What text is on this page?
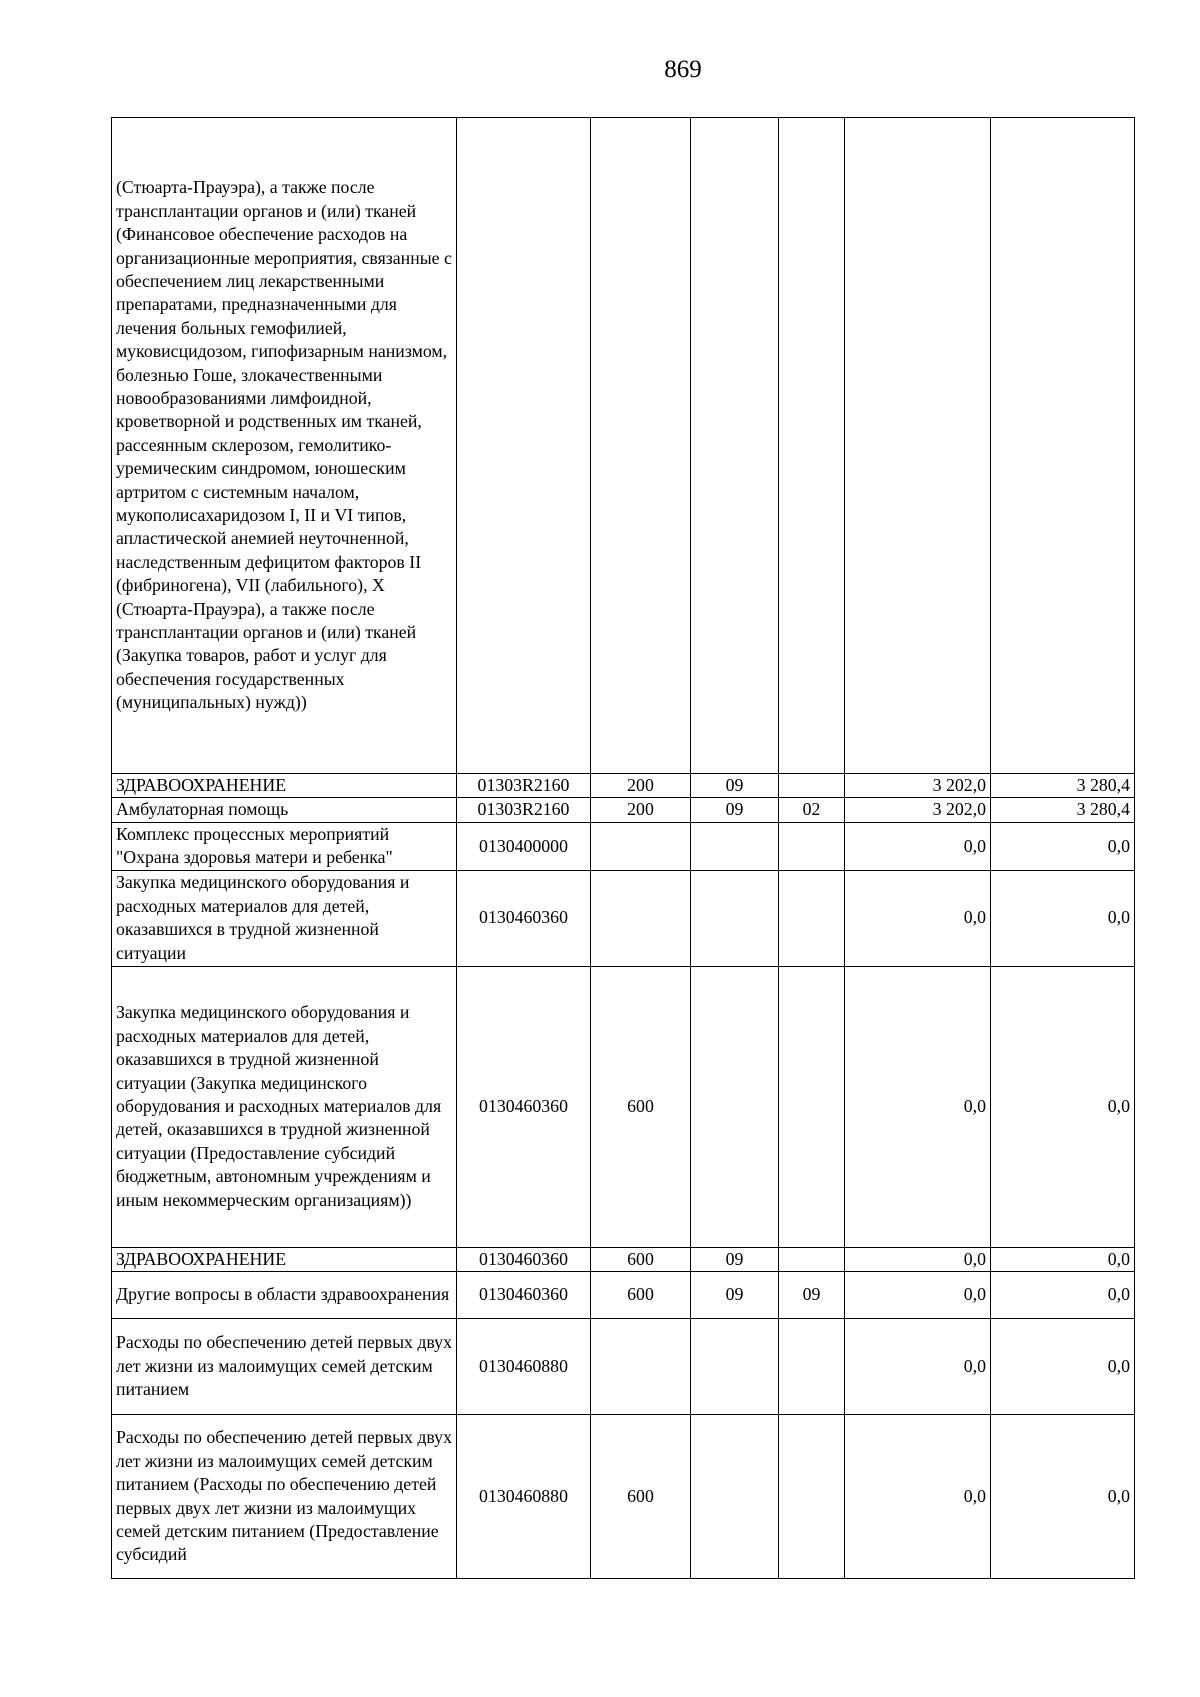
869
(Стюарта-Прауэра), а также после трансплантации органов и (или) тканей (Финансовое обеспечение расходов на организационные мероприятия, связанные с обеспечением лиц лекарственными препаратами, предназначенными для лечения больных гемофилией, муковисцидозом, гипофизарным нанизмом, болезнью Гоше, злокачественными новообразованиями лимфоидной, кроветворной и родственных им тканей, рассеянным склерозом, гемолитико-уремическим синдромом, юношеским артритом с системным началом, мукополисахаридозом I, II и VI типов, апластической анемией неуточненной, наследственным дефицитом факторов II (фибриногена), VII (лабильного), X (Стюарта-Прауэра), а также после трансплантации органов и (или) тканей (Закупка товаров, работ и услуг для обеспечения государственных (муниципальных) нужд))						
ЗДРАВООХРАНЕНИЕ	01303R2160	200	09		3 202,0	3 280,4
Амбулаторная помощь	01303R2160	200	09	02	3 202,0	3 280,4
Комплекс процессных мероприятий "Охрана здоровья матери и ребенка"	0130400000				0,0	0,0
Закупка медицинского оборудования и расходных материалов для детей, оказавшихся в трудной жизненной ситуации	0130460360				0,0	0,0
Закупка медицинского оборудования и расходных материалов для детей, оказавшихся в трудной жизненной ситуации (Закупка медицинского оборудования и расходных материалов для детей, оказавшихся в трудной жизненной ситуации (Предоставление субсидий бюджетным, автономным учреждениям и иным некоммерческим организациям))	0130460360	600			0,0	0,0
ЗДРАВООХРАНЕНИЕ	0130460360	600	09		0,0	0,0
Другие вопросы в области здравоохранения	0130460360	600	09	09	0,0	0,0
Расходы по обеспечению детей первых двух лет жизни из малоимущих семей детским питанием	0130460880				0,0	0,0
Расходы по обеспечению детей первых двух лет жизни из малоимущих семей детским питанием (Расходы по обеспечению детей первых двух лет жизни из малоимущих семей детским питанием (Предоставление субсидий	0130460880	600			0,0	0,0
